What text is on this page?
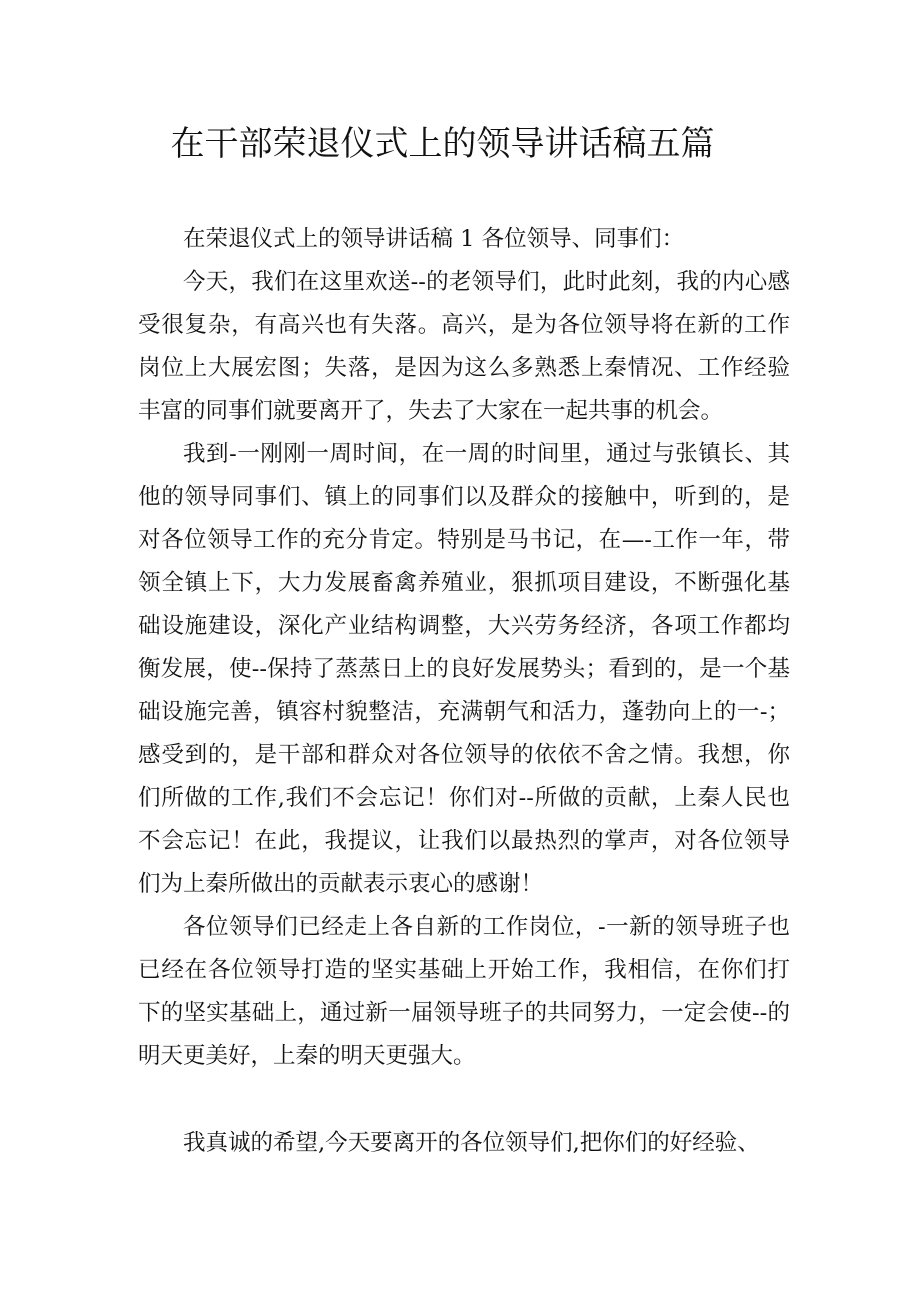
在干部荣退仪式上的领导讲话稿五篇

在荣退仪式上的领导讲话稿 1 各位领导、同事们：

今天，我们在这里欢送--的老领导们，此时此刻，我的内心感受很复杂，有高兴也有失落。高兴，是为各位领导将在新的工作岗位上大展宏图；失落，是因为这么多熟悉上秦情况、工作经验丰富的同事们就要离开了，失去了大家在一起共事的机会。

我到-一刚刚一周时间，在一周的时间里，通过与张镇长、其他的领导同事们、镇上的同事们以及群众的接触中，听到的，是对各位领导工作的充分肯定。特别是马书记，在—-工作一年，带领全镇上下，大力发展畜禽养殖业，狠抓项目建设，不断强化基础设施建设，深化产业结构调整，大兴劳务经济，各项工作都均衡发展，使--保持了蒸蒸日上的良好发展势头；看到的，是一个基础设施完善，镇容村貌整洁，充满朝气和活力，蓬勃向上的一-；感受到的，是干部和群众对各位领导的依依不舍之情。我想，你们所做的工作,我们不会忘记！你们对--所做的贡献，上秦人民也不会忘记！在此，我提议，让我们以最热烈的掌声，对各位领导们为上秦所做出的贡献表示衷心的感谢！

各位领导们已经走上各自新的工作岗位，-一新的领导班子也已经在各位领导打造的坚实基础上开始工作，我相信，在你们打下的坚实基础上，通过新一届领导班子的共同努力，一定会使--的明天更美好，上秦的明天更强大。

我真诚的希望,今天要离开的各位领导们,把你们的好经验、
